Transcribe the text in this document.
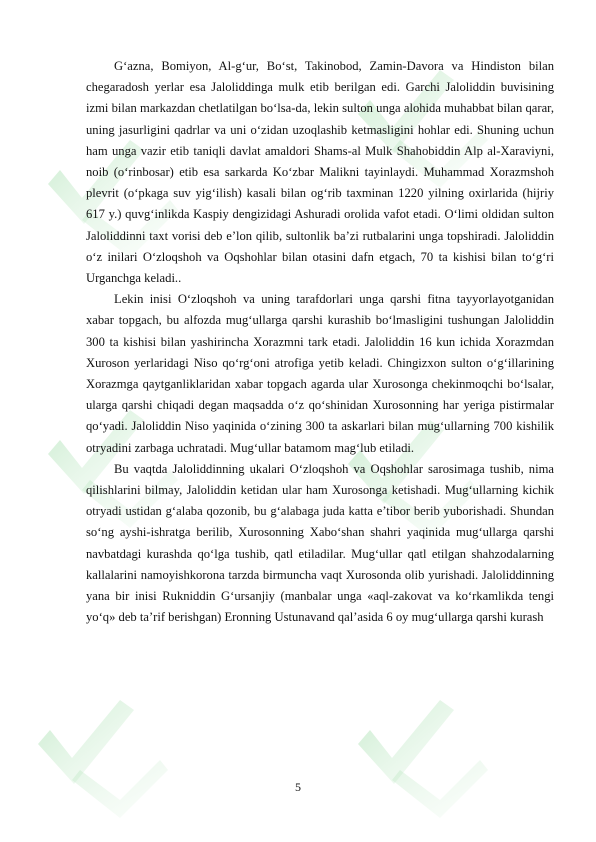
G‘azna, Bomiyon, Al-g‘ur, Bo‘st, Takinobod, Zamin-Davora va Hindiston bilan chegaradosh yerlar esa Jaloliddinga mulk etib berilgan edi. Garchi Jaloliddin buvisining izmi bilan markazdan chetlatilgan bo‘lsa-da, lekin sulton unga alohida muhabbat bilan qarar, uning jasurligini qadrlar va uni o‘zidan uzoqlashib ketmasligini hohlar edi. Shuning uchun ham unga vazir etib taniqli davlat amaldori Shams-al Mulk Shahobiddin Alp al-Xaraviyni, noib (o‘rinbosar) etib esa sarkarda Ko‘zbar Malikni tayinlaydi. Muhammad Xorazmshoh plevrit (o‘pkaga suv yig‘ilish) kasali bilan og‘rib taxminan 1220 yilning oxirlarida (hijriy 617 y.) quvg‘inlikda Kaspiy dengizidagi Ashuradi orolida vafot etadi. O‘limi oldidan sulton Jaloliddinni taxt vorisi deb e’lon qilib, sultonlik ba’zi rutbalarini unga topshiradi. Jaloliddin o‘z inilari O‘zloqshoh va Oqshohlar bilan otasini dafn etgach, 70 ta kishisi bilan to‘g‘ri Urganchga keladi..

Lekin inisi O‘zloqshoh va uning tarafdorlari unga qarshi fitna tayyorlayotganidan xabar topgach, bu alfozda mug‘ullarga qarshi kurashib bo‘lmasligini tushungan Jaloliddin 300 ta kishisi bilan yashirincha Xorazmni tark etadi. Jaloliddin 16 kun ichida Xorazmdan Xuroson yerlaridagi Niso qo‘rg‘oni atrofiga yetib keladi. Chingizxon sulton o‘g‘illarining Xorazmga qaytganliklaridan xabar topgach agarda ular Xurosonga chekinmoqchi bo‘lsalar, ularga qarshi chiqadi degan maqsadda o‘z qo‘shinidan Xurosonning har yeriga pistirmalar qo‘yadi. Jaloliddin Niso yaqinida o‘zining 300 ta askarlari bilan mug‘ullarning 700 kishilik otryadini zarbaga uchratadi. Mug‘ullar batamom mag‘lub etiladi.

Bu vaqtda Jaloliddinning ukalari O‘zloqshoh va Oqshohlar sarosimaga tushib, nima qilishlarini bilmay, Jaloliddin ketidan ular ham Xurosonga ketishadi. Mug‘ullarning kichik otryadi ustidan g‘alaba qozonib, bu g‘alabaga juda katta e’tibor berib yuborishadi. Shundan so‘ng ayshi-ishratga berilib, Xurosonning Xabo‘shan shahri yaqinida mug‘ullarga qarshi navbatdagi kurashda qo‘lga tushib, qatl etiladilar. Mug‘ullar qatl etilgan shahzodalarning kallalarini namoyishkorona tarzda birmuncha vaqt Xurosonda olib yurishadi. Jaloliddinning yana bir inisi Rukniddin G‘ursanjiy (manbalar unga «aql-zakovat va ko‘rkamlikda tengi yo‘q» deb ta’rif berishgan) Eronning Ustunavand qal’asida 6 oy mug‘ullarga qarshi kurash

5
